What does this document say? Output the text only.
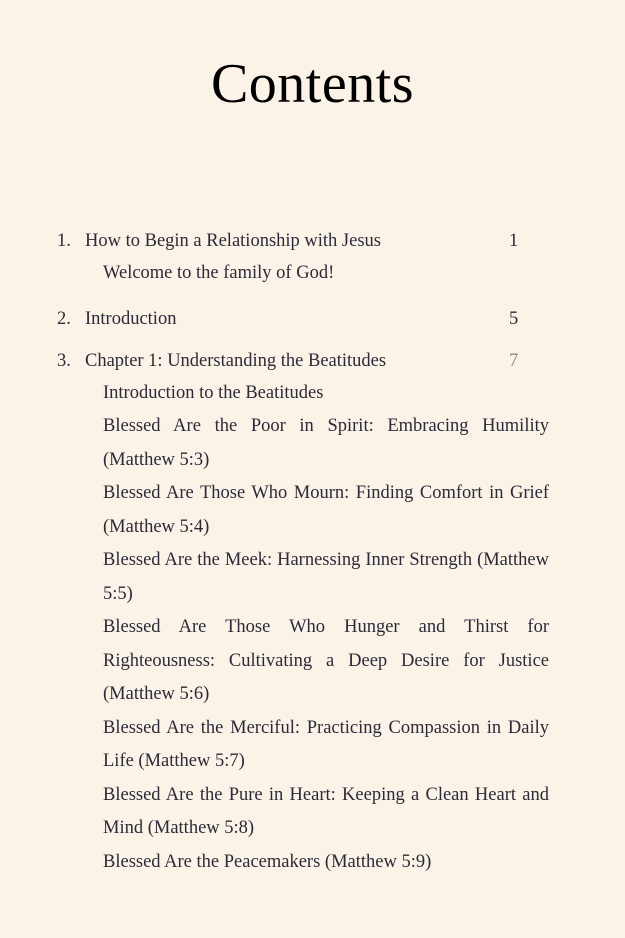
Contents
1. How to Begin a Relationship with Jesus	1
Welcome to the family of God!
2. Introduction	5
3. Chapter 1: Understanding the Beatitudes	7
Introduction to the Beatitudes
Blessed Are the Poor in Spirit: Embracing Humility (Matthew 5:3)
Blessed Are Those Who Mourn: Finding Comfort in Grief (Matthew 5:4)
Blessed Are the Meek: Harnessing Inner Strength (Matthew 5:5)
Blessed Are Those Who Hunger and Thirst for Righteousness: Cultivating a Deep Desire for Justice (Matthew 5:6)
Blessed Are the Merciful: Practicing Compassion in Daily Life (Matthew 5:7)
Blessed Are the Pure in Heart: Keeping a Clean Heart and Mind (Matthew 5:8)
Blessed Are the Peacemakers (Matthew 5:9)
